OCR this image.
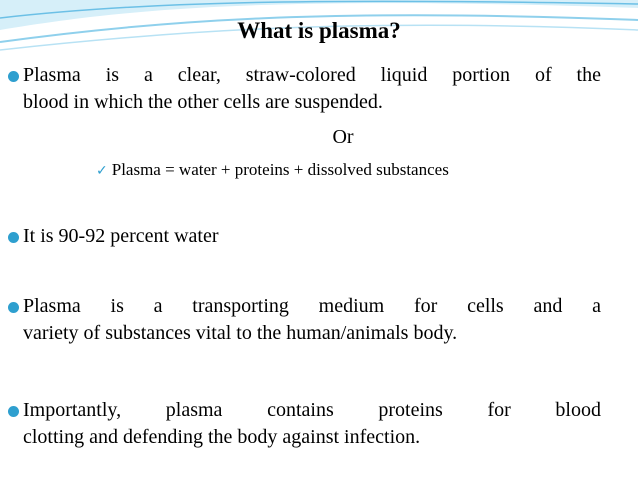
What is plasma?
Plasma is a clear, straw-colored liquid portion of the
blood in which the other cells are suspended.
Or
✓ Plasma = water + proteins + dissolved substances
It is 90-92 percent water
Plasma is a transporting medium for cells and a
variety of substances vital to the human/animals body.
Importantly, plasma contains proteins for blood
clotting and defending the body against infection.
